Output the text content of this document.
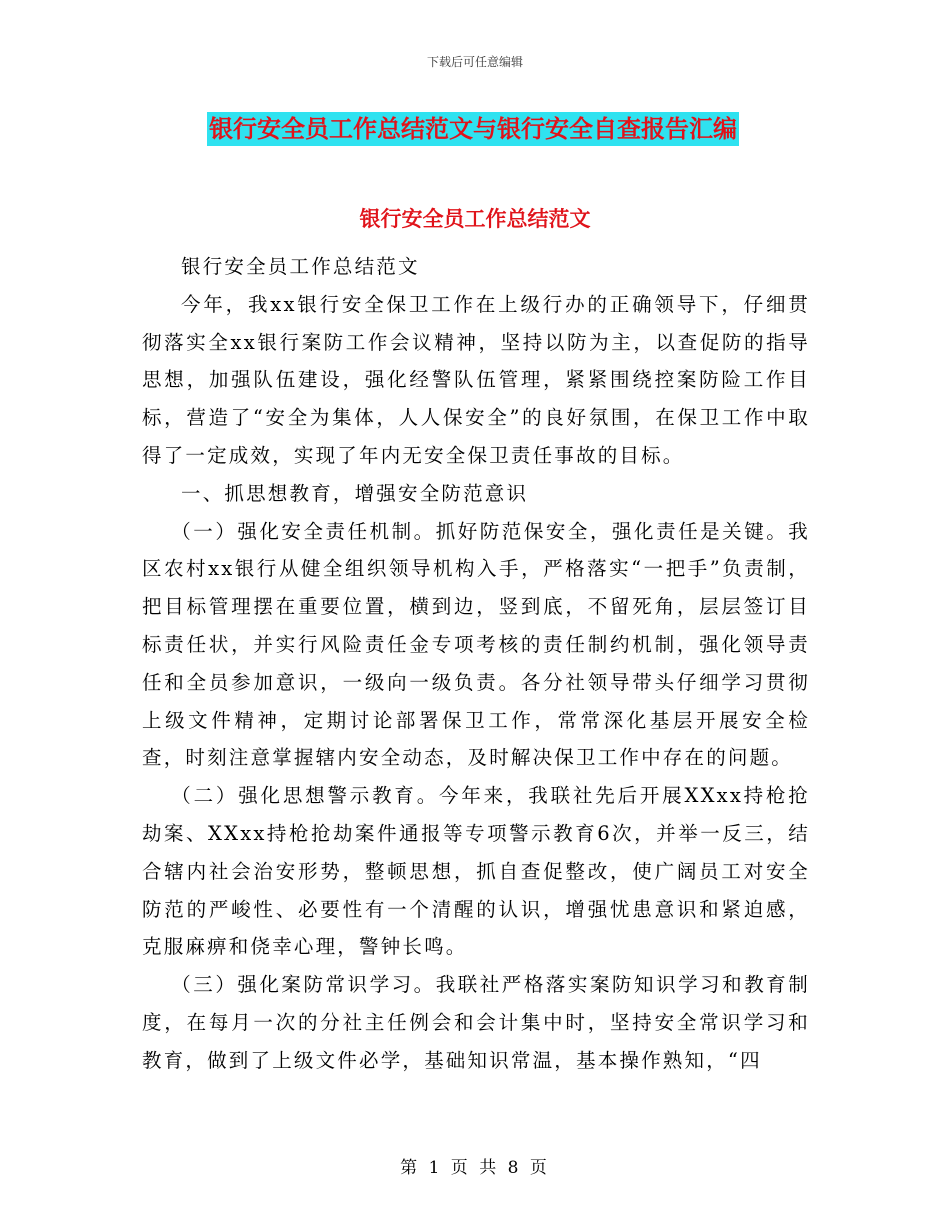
下载后可任意编辑
银行安全员工作总结范文与银行安全自查报告汇编
银行安全员工作总结范文

银行安全员工作总结范文

今年，我xx银行安全保卫工作在上级行办的正确领导下，仔细贯彻落实全xx银行案防工作会议精神，坚持以防为主，以查促防的指导思想，加强队伍建设，强化经警队伍管理，紧紧围绕控案防险工作目标，营造了“安全为集体，人人保安全”的良好氛围，在保卫工作中取得了一定成效，实现了年内无安全保卫责任事故的目标。

一、抓思想教育，增强安全防范意识

（一）强化安全责任机制。抓好防范保安全，强化责任是关键。我区农村xx银行从健全组织领导机构入手，严格落实“一把手”负责制，把目标管理摆在重要位置，横到边，竖到底，不留死角，层层签订目标责任状，并实行风险责任金专项考核的责任制约机制，强化领导责任和全员参加意识，一级向一级负责。各分社领导带头仔细学习贯彻上级文件精神，定期讨论部署保卫工作，常常深化基层开展安全检查，时刻注意掌握辖内安全动态，及时解决保卫工作中存在的问题。

（二）强化思想警示教育。今年来，我联社先后开展XXxx持枪抢劫案、XXxx持枪抢劫案件通报等专项警示教育6次，并举一反三，结合辖内社会治安形势，整顿思想，抓自查促整改，使广阔员工对安全防范的严峻性、必要性有一个清醒的认识，增强忧患意识和紧迫感，克服麻痹和侥幸心理，警钟长鸣。

（三）强化案防常识学习。我联社严格落实案防知识学习和教育制度，在每月一次的分社主任例会和会计集中时，坚持安全常识学习和教育，做到了上级文件必学，基础知识常温，基本操作熟知，“四

第 1 页 共 8 页
